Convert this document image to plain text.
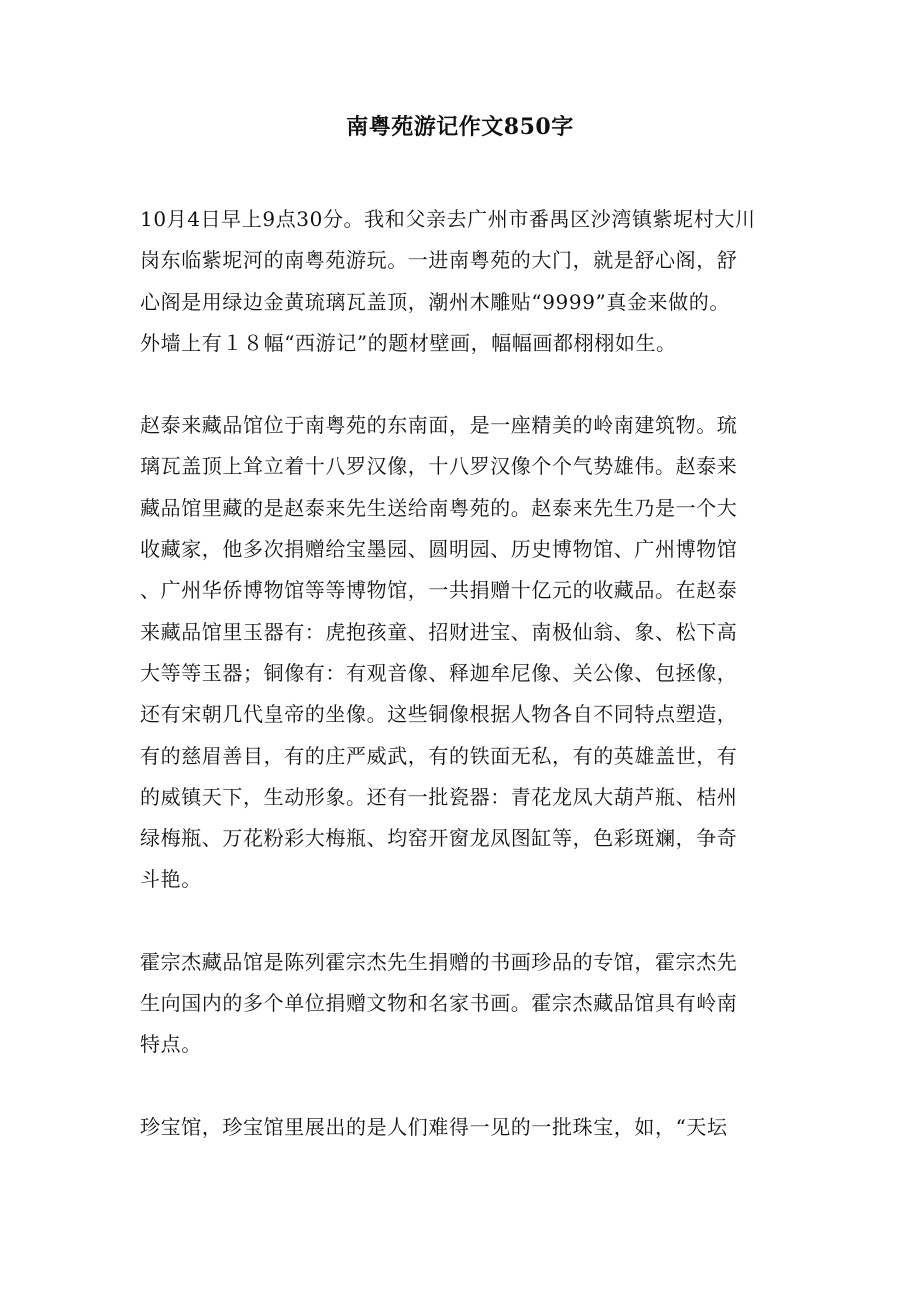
南粤苑游记作文850字
10月4日早上9点30分。我和父亲去广州市番禺区沙湾镇紫坭村大川
岗东临紫坭河的南粤苑游玩。一进南粤苑的大门，就是舒心阁，舒
心阁是用绿边金黄琉璃瓦盖顶，潮州木雕贴“9999”真金来做的。
外墙上有１８幅“西游记”的题材壁画，幅幅画都栩栩如生。
赵泰来藏品馆位于南粤苑的东南面，是一座精美的岭南建筑物。琉
璃瓦盖顶上耸立着十八罗汉像，十八罗汉像个个气势雄伟。赵泰来
藏品馆里藏的是赵泰来先生送给南粤苑的。赵泰来先生乃是一个大
收藏家，他多次捐赠给宝墨园、圆明园、历史博物馆、广州博物馆
、广州华侨博物馆等等博物馆，一共捐赠十亿元的收藏品。在赵泰
来藏品馆里玉器有：虎抱孩童、招财进宝、南极仙翁、象、松下高
大等等玉器；铜像有：有观音像、释迦牟尼像、关公像、包拯像，
还有宋朝几代皇帝的坐像。这些铜像根据人物各自不同特点塑造，
有的慈眉善目，有的庄严威武，有的铁面无私，有的英雄盖世，有
的威镇天下，生动形象。还有一批瓷器：青花龙凤大葫芦瓶、桔州
绿梅瓶、万花粉彩大梅瓶、均窑开窗龙凤图缸等，色彩斑斓，争奇
斗艳。
霍宗杰藏品馆是陈列霍宗杰先生捐赠的书画珍品的专馆，霍宗杰先
生向国内的多个单位捐赠文物和名家书画。霍宗杰藏品馆具有岭南
特点。
珍宝馆，珍宝馆里展出的是人们难得一见的一批珠宝，如，“天坛
